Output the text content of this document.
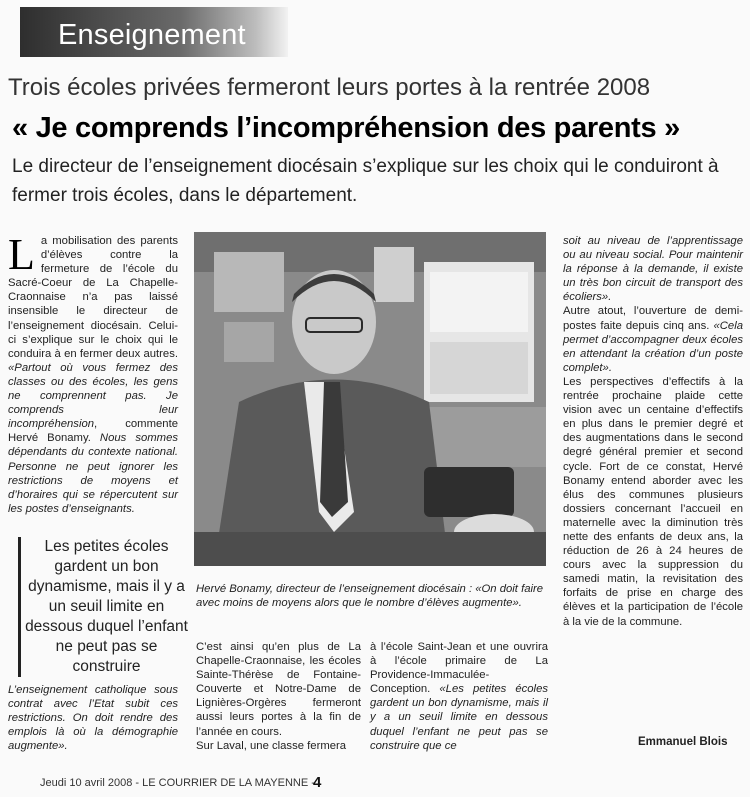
Enseignement
Trois écoles privées fermeront leurs portes à la rentrée 2008
« Je comprends l’incompréhension des parents »
Le directeur de l’enseignement diocésain s’explique sur les choix qui le conduiront à fermer trois écoles, dans le département.
L a mobilisation des parents d’élèves contre la fermeture de l’école du Sacré-Coeur de La Chapelle-Craonnaise n’a pas laissé insensible le directeur de l’enseignement diocésain. Celui-ci s’explique sur le choix qui le conduira à en fermer deux autres. «Partout où vous fermez des classes ou des écoles, les gens ne comprennent pas. Je comprends leur incompréhension, commente Hervé Bonamy. Nous sommes dépendants du contexte national. Personne ne peut ignorer les restrictions de moyens et d’horaires qui se répercutent sur les postes d’enseignants.

Les petites écoles gardent un bon dynamisme, mais il y a un seuil limite en dessous duquel l’enfant ne peut pas se construire

L’enseignement catholique sous contrat avec l’Etat subit ces restrictions. On doit rendre des emplois là où la démographie augmente».

Hervé Bonamy, directeur de l’enseignement diocésain : «On doit faire avec moins de moyens alors que le nombre d’élèves augmente».

C’est ainsi qu’en plus de La Chapelle-Craonnaise, les écoles Sainte-Thérèse de Fontaine-Couverte et Notre-Dame de Lignières-Orgères fermeront aussi leurs portes à la fin de l’année en cours.

Sur Laval, une classe fermera

à l’école Saint-Jean et une ouvrira à l’école primaire de La Providence-Immaculée-Conception. «Les petites écoles gardent un bon dynamisme, mais il y a un seuil limite en dessous duquel l’enfant ne peut pas se construire que ce

soit au niveau de l’apprentissage ou au niveau social. Pour maintenir la réponse à la demande, il existe un très bon circuit de transport des écoliers».

Autre atout, l’ouverture de demi-postes faite depuis cinq ans. «Cela permet d’accompagner deux écoles en attendant la création d’un poste complet».

Les perspectives d’effectifs à la rentrée prochaine plaide cette vision avec un centaine d’effectifs en plus dans le premier degré et des augmentations dans le second degré général premier et second cycle. Fort de ce constat, Hervé Bonamy entend aborder avec les élus des communes plusieurs dossiers concernant l’accueil en maternelle avec la diminution très nette des enfants de deux ans, la réduction de 26 à 24 heures de cours avec la suppression du samedi matin, la revisitation des forfaits de prise en charge des élèves et la participation de l’école à la vie de la commune.

Emmanuel Blois
Jeudi 10 avril 2008 - LE COURRIER DE LA MAYENNE -
4
